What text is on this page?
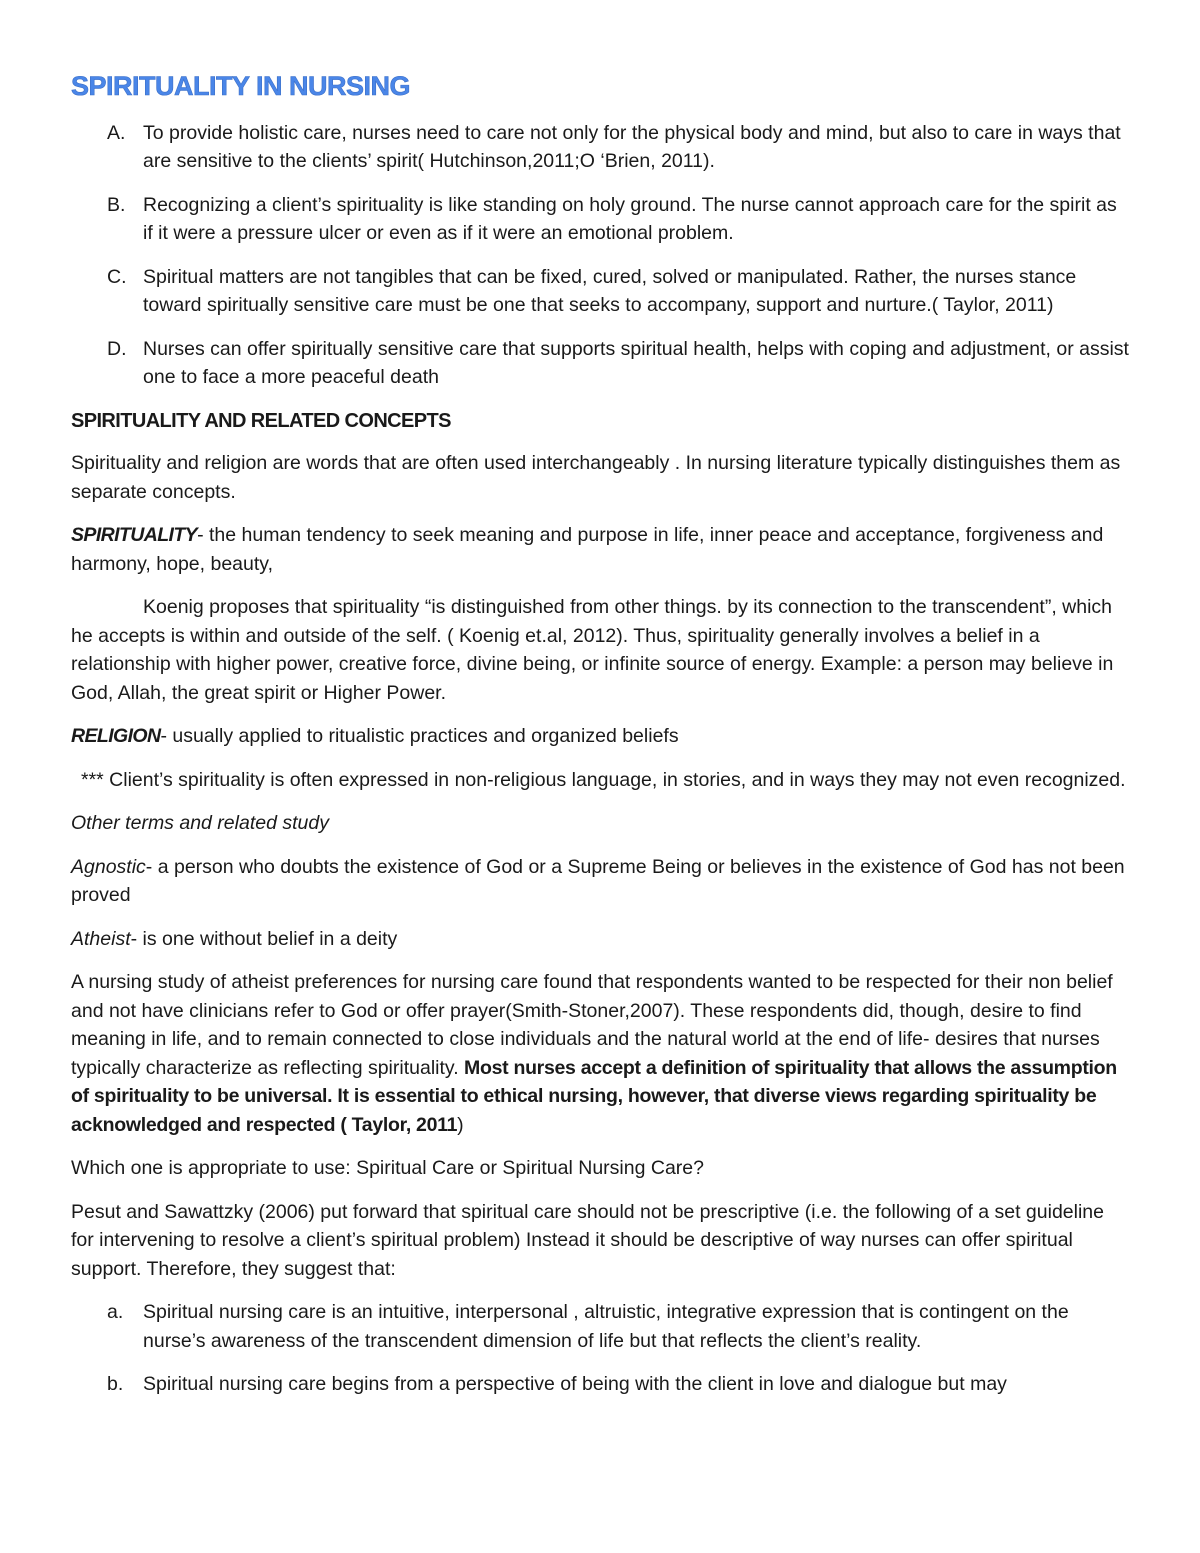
SPIRITUALITY IN NURSING
A. To provide holistic care, nurses need to care not only for the physical body and mind, but also to care in ways that are sensitive to the clients’ spirit( Hutchinson,2011;O ‘Brien, 2011).
B. Recognizing a client’s spirituality is like standing on holy ground. The nurse cannot approach care for the spirit as if it were a pressure ulcer or even as if it were an emotional problem.
C. Spiritual matters are not tangibles that can be fixed, cured, solved or manipulated. Rather, the nurses stance toward spiritually sensitive care must be one that seeks to accompany, support and nurture.( Taylor, 2011)
D. Nurses can offer spiritually sensitive care that supports spiritual health, helps with coping and adjustment, or assist one to face a more peaceful death
SPIRITUALITY AND RELATED CONCEPTS

Spirituality and religion are words that are often used interchangeably . In nursing literature typically distinguishes them as separate concepts.

SPIRITUALITY- the human tendency to seek meaning and purpose in life, inner peace and acceptance, forgiveness and harmony, hope, beauty,

Koenig proposes that spirituality “is distinguished from other things. by its connection to the transcendent”, which he accepts is within and outside of the self. ( Koenig et.al, 2012). Thus, spirituality generally involves a belief in a relationship with higher power, creative force, divine being, or infinite source of energy. Example: a person may believe in God, Allah, the great spirit or Higher Power.

RELIGION- usually applied to ritualistic practices and organized beliefs

*** Client’s spirituality is often expressed in non-religious language, in stories, and in ways they may not even recognized.

Other terms and related study

Agnostic- a person who doubts the existence of God or a Supreme Being or believes in the existence of God has not been proved

Atheist- is one without belief in a deity

A nursing study of atheist preferences for nursing care found that respondents wanted to be respected for their non belief and not have clinicians refer to God or offer prayer(Smith-Stoner,2007). These respondents did, though, desire to find meaning in life, and to remain connected to close individuals and the natural world at the end of life- desires that nurses typically characterize as reflecting spirituality. Most nurses accept a definition of spirituality that allows the assumption of spirituality to be universal. It is essential to ethical nursing, however, that diverse views regarding spirituality be acknowledged and respected ( Taylor, 2011)

Which one is appropriate to use: Spiritual Care or Spiritual Nursing Care?

Pesut and Sawattzky (2006) put forward that spiritual care should not be prescriptive (i.e. the following of a set guideline for intervening to resolve a client’s spiritual problem) Instead it should be descriptive of way nurses can offer spiritual support. Therefore, they suggest that:

a.	Spiritual nursing care is an intuitive, interpersonal , altruistic, integrative expression that is contingent on the nurse’s awareness of the transcendent dimension of life but that reflects the client’s reality.
b.	Spiritual nursing care begins from a perspective of being with the client in love and dialogue but may
